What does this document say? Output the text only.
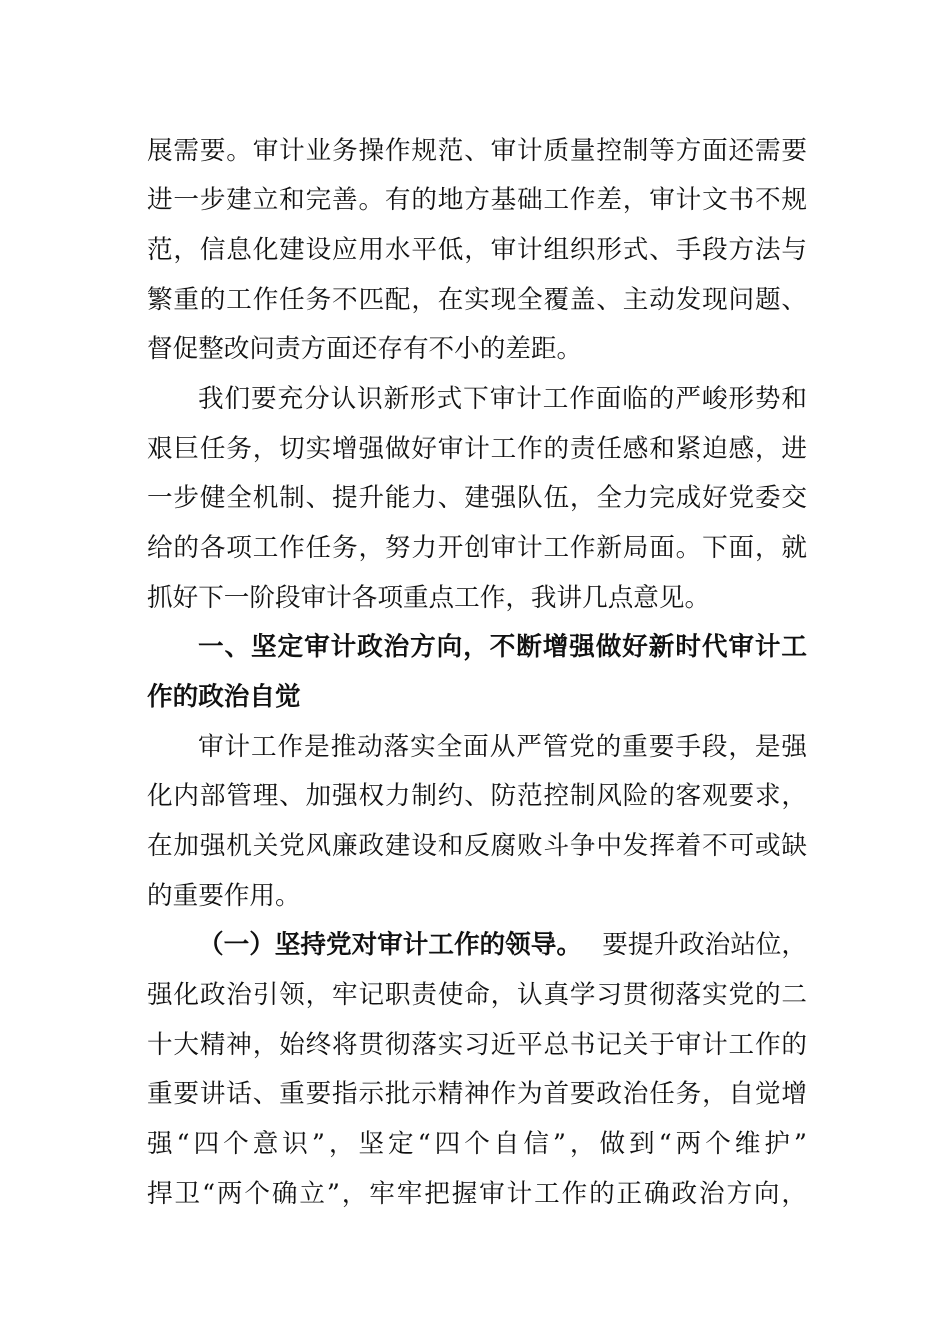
展需要。审计业务操作规范、审计质量控制等方面还需要
进一步建立和完善。有的地方基础工作差，审计文书不规
范，信息化建设应用水平低，审计组织形式、手段方法与
繁重的工作任务不匹配，在实现全覆盖、主动发现问题、
督促整改问责方面还存有不小的差距。
我们要充分认识新形式下审计工作面临的严峻形势和
艰巨任务，切实增强做好审计工作的责任感和紧迫感，进
一步健全机制、提升能力、建强队伍，全力完成好党委交
给的各项工作任务，努力开创审计工作新局面。下面，就
抓好下一阶段审计各项重点工作，我讲几点意见。
一、坚定审计政治方向，不断增强做好新时代审计工
作的政治自觉
审计工作是推动落实全面从严管党的重要手段，是强
化内部管理、加强权力制约、防范控制风险的客观要求，
在加强机关党风廉政建设和反腐败斗争中发挥着不可或缺
的重要作用。
（一）坚持党对审计工作的领导。 要提升政治站位，
强化政治引领，牢记职责使命，认真学习贯彻落实党的二
十大精神，始终将贯彻落实习近平总书记关于审计工作的
重要讲话、重要指示批示精神作为首要政治任务，自觉增
强“四个意识”，坚定“四个自信”，做到“两个维护”
捍卫“两个确立”，牢牢把握审计工作的正确政治方向，
